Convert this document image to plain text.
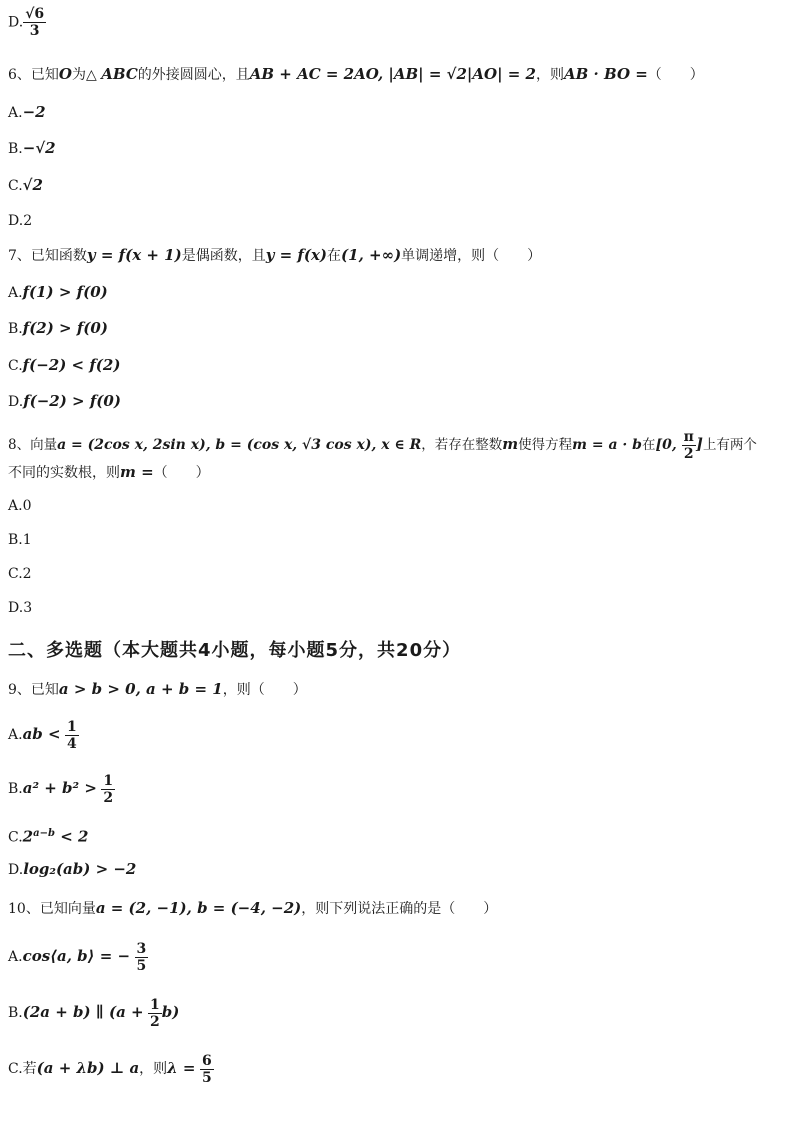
D. $\frac{√6}{3}$
6、已知O为△ ABC的外接圆圆心，且AB + AC = 2AO, |AB| = √2|AO| = 2，则AB · BO =（　　）
A.−2
B.−√2
C.√2
D.2
7、已知函数y = f(x + 1)是偶函数，且y = f(x)在(1, +∞)单调递增，则（　　）
A.f(1) > f(0)
B.f(2) > f(0)
C.f(−2) < f(2)
D.f(−2) > f(0)
8、向量a = (2cos x, 2sin x), b = (cos x, √3 cos x), x ∈ R，若存在整数m使得方程m = a · b在[0, $\frac{\pi}{2}$ ]上有两个
不同的实数根，则m =（　　）
A.0
B.1
C.2
D.3
二、多选题（本大题共4小题，每小题5分，共20分）
9、已知a > b > 0, a + b = 1，则（　　）
$A.ab < \frac{1}{4}$
$B.a^2 + b^2 > \frac{1}{2}$
$C.2^{a-b} < 2$
D.log₂(ab) > −2
10、已知向量a = (2, −1), b = (−4, −2)，则下列说法正确的是（　　）
A.cos⟨a, b⟩ = − $\frac{3}{5}$
B.(2a + b) ∥ $(a + \frac{1}{2} b)$
C.若(a + λb) ⊥ a，则$\lambda = \frac{6}{5}$
